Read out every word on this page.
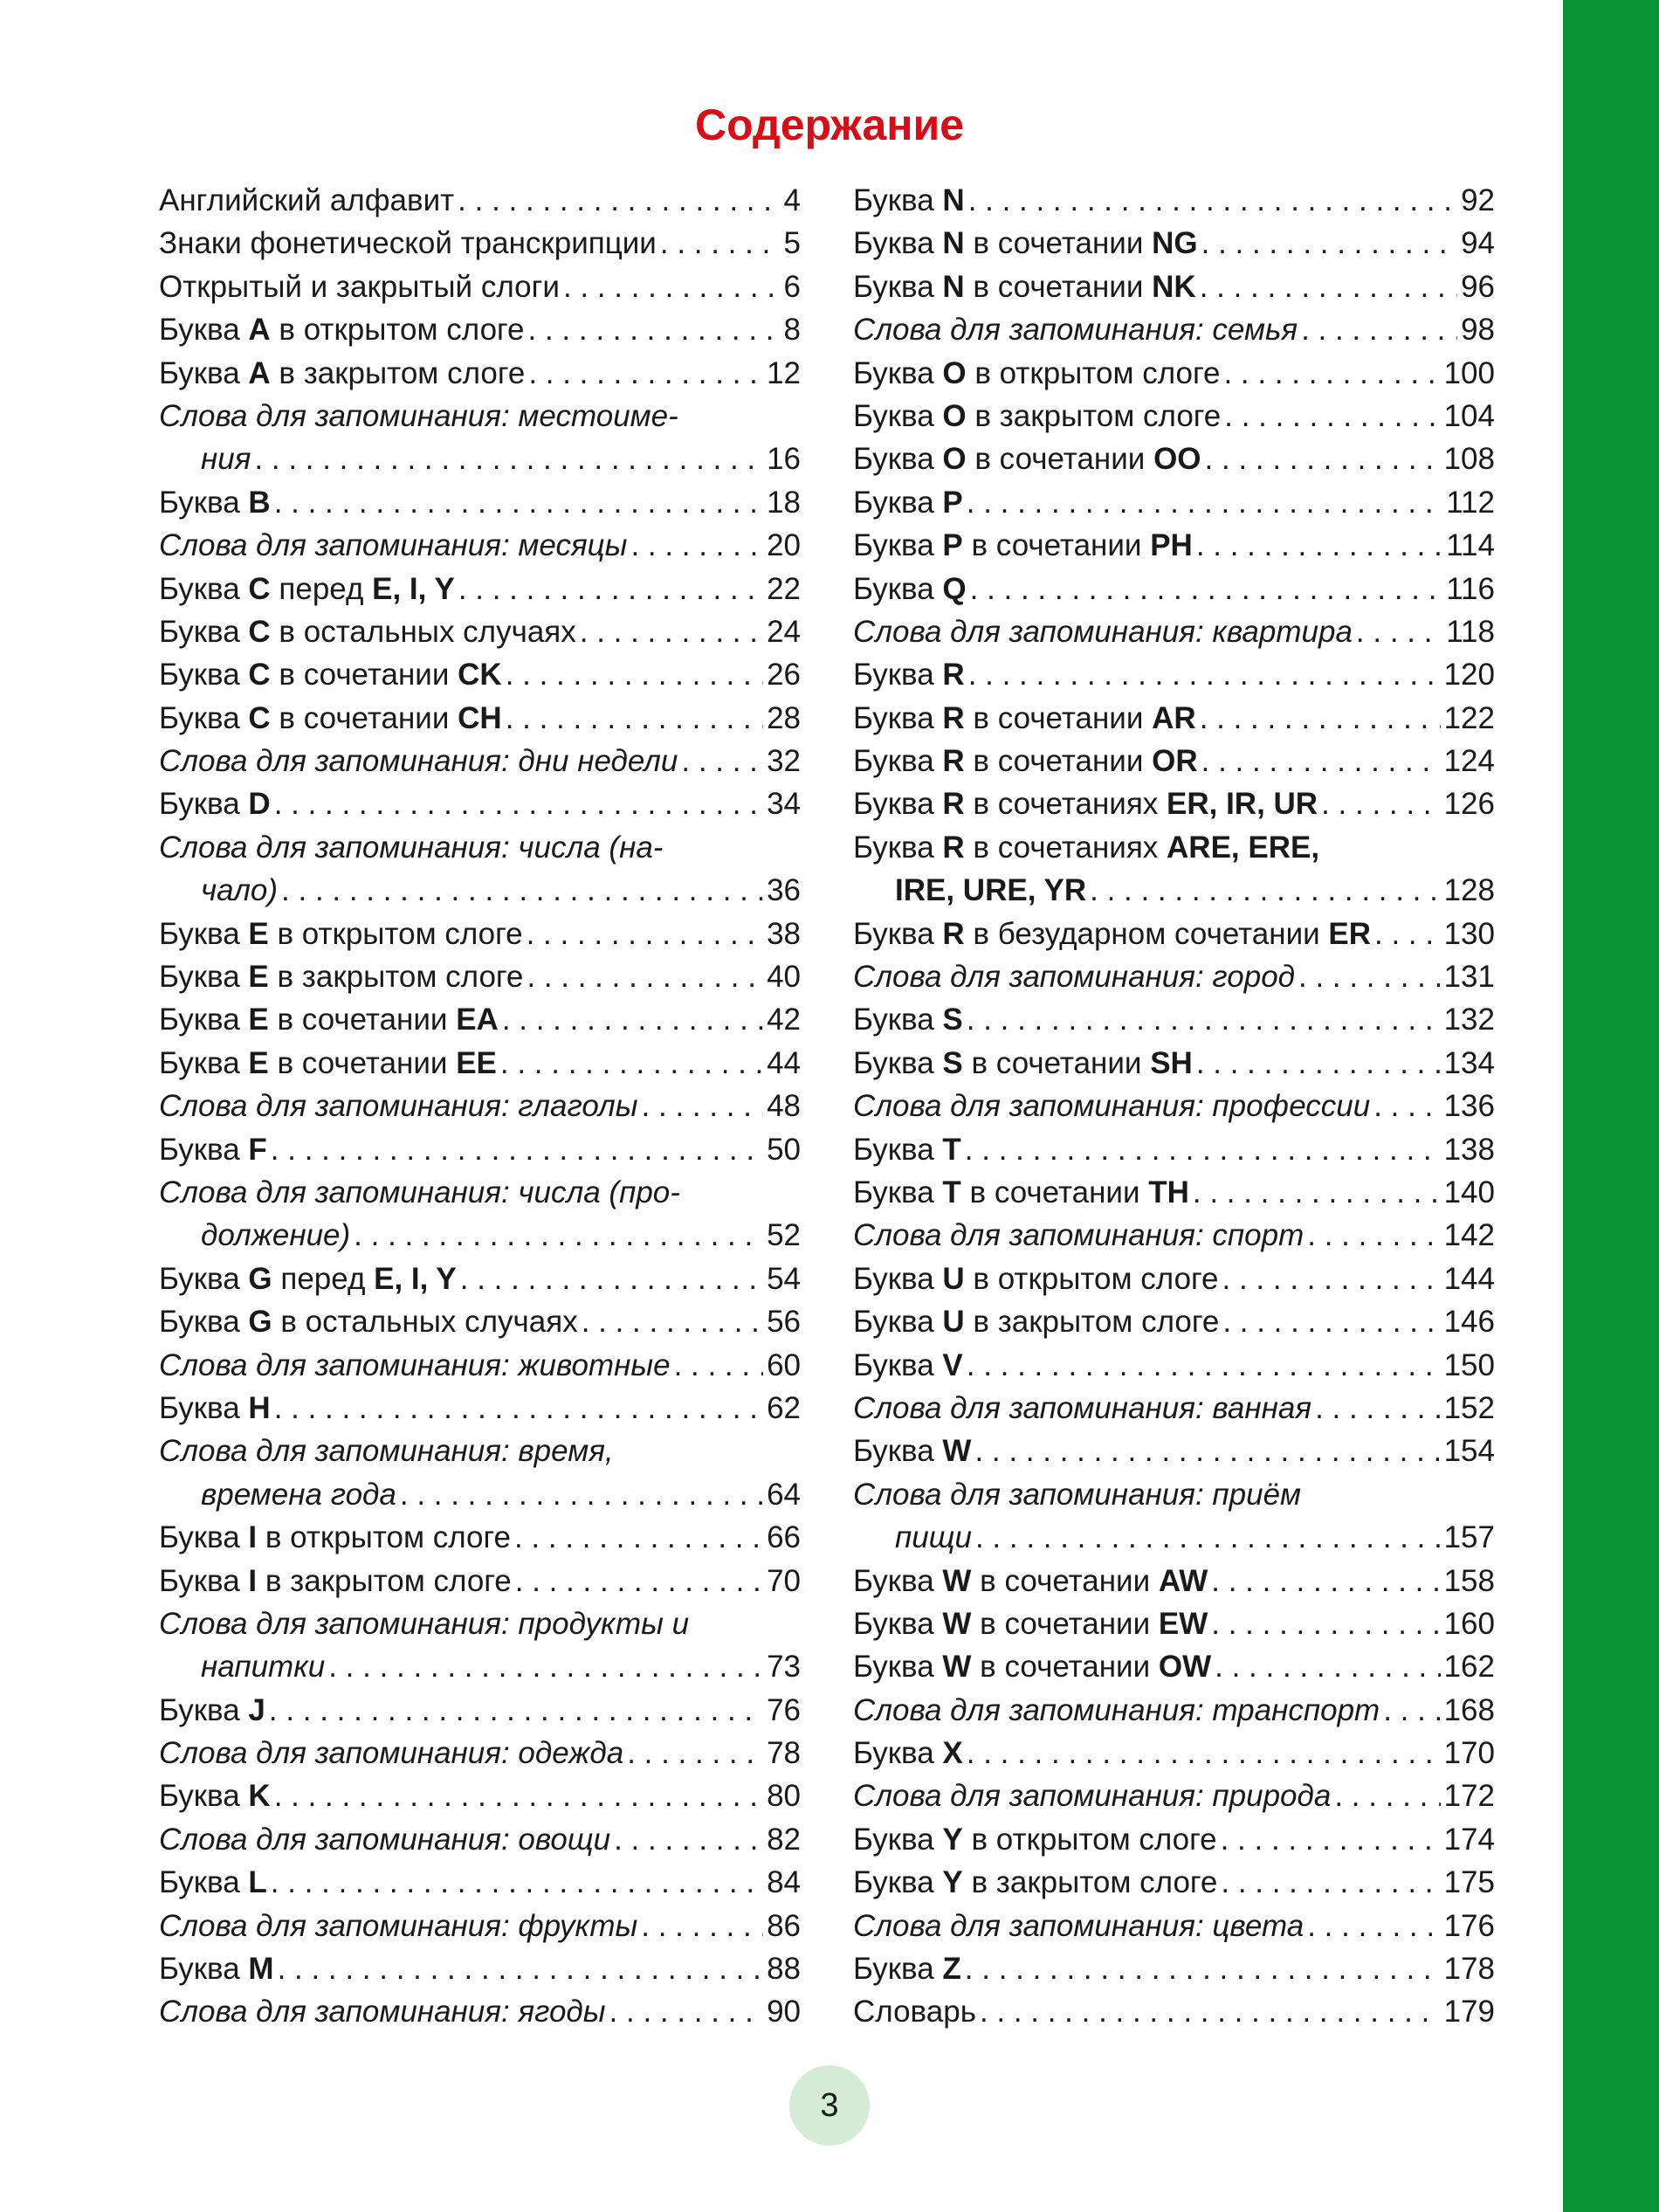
Содержание
Английский алфавит . . .	4
Знаки фонетической транскрипции . . .	5
Открытый и закрытый слоги . . .	6
Буква A в открытом слоге . . .	8
Буква A в закрытом слоге . . .	12
Слова для запоминания: местоиме-
ния . . .	16
Буква B . . .	18
Слова для запоминания: месяцы . . .	20
Буква C перед E, I, Y . . .	22
Буква C в остальных случаях . . .	24
Буква C в сочетании CK . . .	26
Буква C в сочетании CH . . .	28
Слова для запоминания: дни недели . . .	32
Буква D . . .	34
Слова для запоминания: числа (на-
чало) . . .	36
Буква E в открытом слоге . . .	38
Буква E в закрытом слоге . . .	40
Буква E в сочетании EA . . .	42
Буква E в сочетании EE . . .	44
Слова для запоминания: глаголы . . .	48
Буква F . . .	50
Слова для запоминания: числа (про-
должение) . . .	52
Буква G перед E, I, Y . . .	54
Буква G в остальных случаях . . .	56
Слова для запоминания: животные . . .	60
Буква H . . .	62
Слова для запоминания: время,
времена года . . .	64
Буква I в открытом слоге . . .	66
Буква I в закрытом слоге . . .	70
Слова для запоминания: продукты и
напитки . . .	73
Буква J . . .	76
Слова для запоминания: одежда . . .	78
Буква K . . .	80
Слова для запоминания: овощи . . .	82
Буква L . . .	84
Слова для запоминания: фрукты . . .	86
Буква M . . .	88
Слова для запоминания: ягоды . . .	90
Буква N . . .	92
Буква N в сочетании NG . . .	94
Буква N в сочетании NK . . .	96
Слова для запоминания: семья . . .	98
Буква O в открытом слоге . . .	100
Буква O в закрытом слоге . . .	104
Буква O в сочетании OO . . .	108
Буква P . . .	112
Буква P в сочетании PH . . .	114
Буква Q . . .	116
Слова для запоминания: квартира . . .	118
Буква R . . .	120
Буква R в сочетании AR . . .	122
Буква R в сочетании OR . . .	124
Буква R в сочетаниях ER, IR, UR . . .	126
Буква R в сочетаниях ARE, ERE,
IRE, URE, YR . . .	128
Буква R в безударном сочетании ER . . . 130
Слова для запоминания: город . . .	131
Буква S . . .	132
Буква S в сочетании SH . . .	134
Слова для запоминания: профессии . . . 136
Буква T . . .	138
Буква T в сочетании TH . . .	140
Слова для запоминания: спорт . . .	142
Буква U в открытом слоге . . .	144
Буква U в закрытом слоге . . .	146
Буква V . . .	150
Слова для запоминания: ванная . . .	152
Буква W . . .	154
Слова для запоминания: приём
пищи . . .	157
Буква W в сочетании AW . . .	158
Буква W в сочетании EW . . .	160
Буква W в сочетании OW . . .	162
Слова для запоминания: транспорт . . . 168
Буква X . . .	170
Слова для запоминания: природа . . .	172
Буква Y в открытом слоге . . .	174
Буква Y в закрытом слоге . . .	175
Слова для запоминания: цвета . . .	176
Буква Z . . .	178
Словарь . . .	179
3
